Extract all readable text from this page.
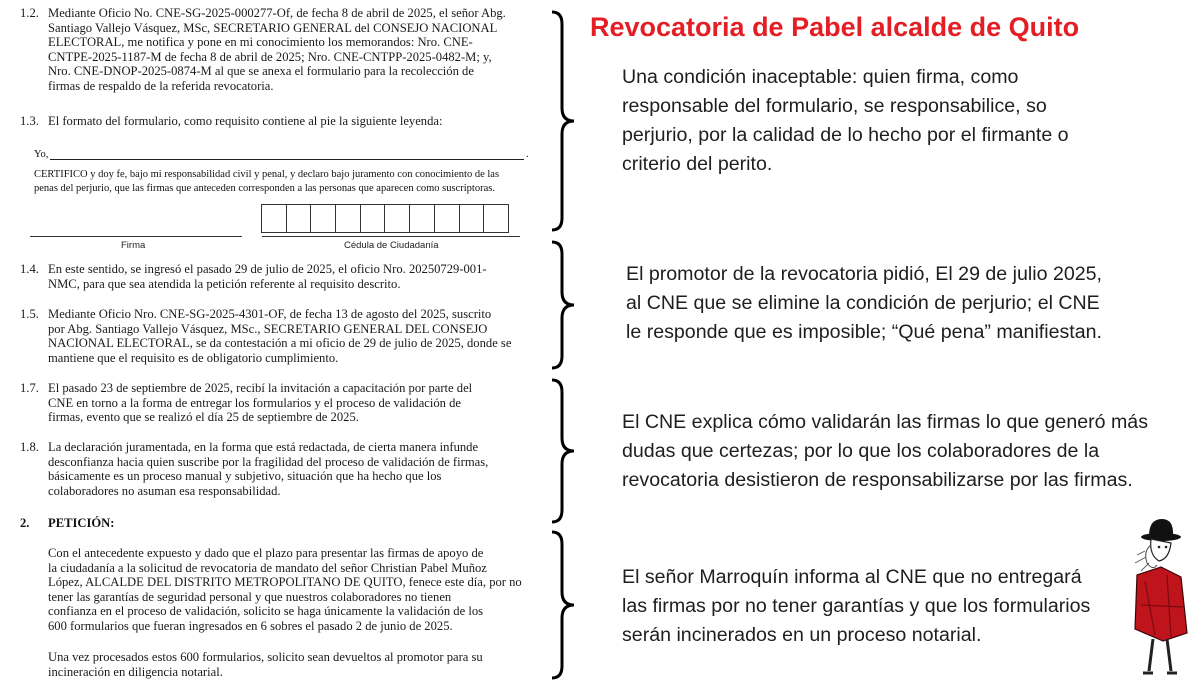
1.2. Mediante Oficio No. CNE-SG-2025-000277-Of, de fecha 8 de abril de 2025, el señor Abg.
Santiago Vallejo Vásquez, MSc, SECRETARIO GENERAL del CONSEJO NACIONAL
ELECTORAL, me notifica y pone en mi conocimiento los memorandos: Nro. CNE-
CNTPE-2025-1187-M de fecha 8 de abril de 2025; Nro. CNE-CNTPP-2025-0482-M; y,
Nro. CNE-DNOP-2025-0874-M al que se anexa el formulario para la recolección de
firmas de respaldo de la referida revocatoria.
1.3. El formato del formulario, como requisito contiene al pie la siguiente leyenda:
Yo,	.
CERTIFICO y doy fe, bajo mi responsabilidad civil y penal, y declaro bajo juramento con conocimiento de las
penas del perjurio, que las firmas que anteceden corresponden a las personas que aparecen como suscriptoras.
Firma	Cédula de Ciudadanía
1.4. En este sentido, se ingresó el pasado 29 de julio de 2025, el oficio Nro. 20250729-001-
NMC, para que sea atendida la petición referente al requisito descrito.
1.5. Mediante Oficio Nro. CNE-SG-2025-4301-OF, de fecha 13 de agosto del 2025, suscrito
por Abg. Santiago Vallejo Vásquez, MSc., SECRETARIO GENERAL DEL CONSEJO
NACIONAL ELECTORAL, se da contestación a mi oficio de 29 de julio de 2025, donde se
mantiene que el requisito es de obligatorio cumplimiento.
1.7. El pasado 23 de septiembre de 2025, recibí la invitación a capacitación por parte del
CNE en torno a la forma de entregar los formularios y el proceso de validación de
firmas, evento que se realizó el día 25 de septiembre de 2025.
1.8. La declaración juramentada, en la forma que está redactada, de cierta manera infunde
desconfianza hacia quien suscribe por la fragilidad del proceso de validación de firmas,
básicamente es un proceso manual y subjetivo, situación que ha hecho que los
colaboradores no asuman esa responsabilidad.
2. PETICIÓN:
Con el antecedente expuesto y dado que el plazo para presentar las firmas de apoyo de
la ciudadanía a la solicitud de revocatoria de mandato del señor Christian Pabel Muñoz
López, ALCALDE DEL DISTRITO METROPOLITANO DE QUITO, fenece este día, por no
tener las garantías de seguridad personal y que nuestros colaboradores no tienen
confianza en el proceso de validación, solicito se haga únicamente la validación de los
600 formularios que fueran ingresados en 6 sobres el pasado 2 de junio de 2025.
Una vez procesados estos 600 formularios, solicito sean devueltos al promotor para su
incineración en diligencia notarial.
Revocatoria de Pabel alcalde de Quito
Una condición inaceptable: quien firma, como
responsable del formulario, se responsabilice, so
perjurio, por la calidad de lo hecho por el firmante o
criterio del perito.
El promotor de la revocatoria pidió, El 29 de julio 2025,
al CNE que se elimine la condición de perjurio; el CNE
le responde que es imposible; “Qué pena” manifiestan.
El CNE explica cómo validarán las firmas lo que generó más
dudas que certezas; por lo que los colaboradores de la
revocatoria desistieron de responsabilizarse por las firmas.
El señor Marroquín informa al CNE que no entregará
las firmas por no tener garantías y que los formularios
serán incinerados en un proceso notarial.
